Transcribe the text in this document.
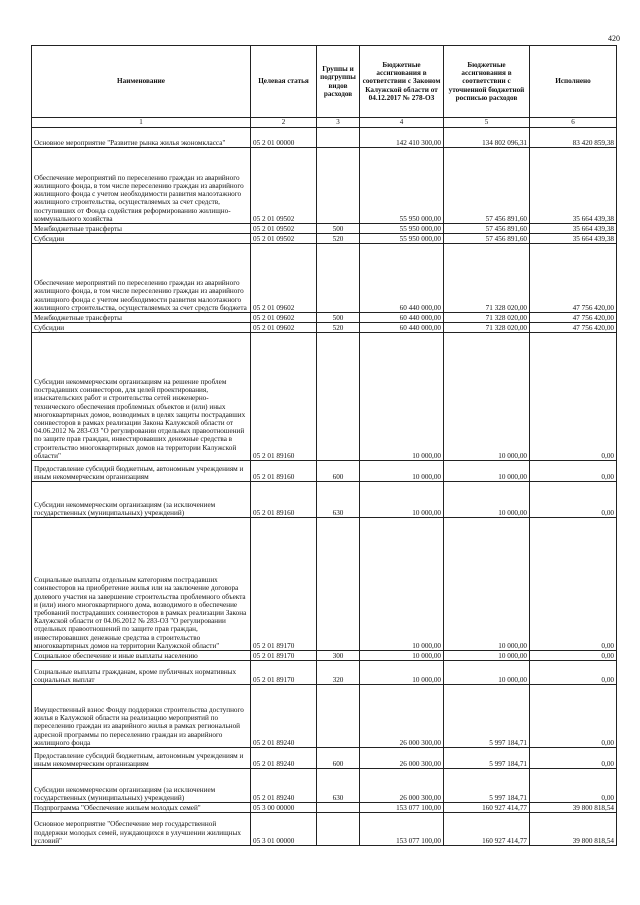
420
Наименование	Целевая статья	Группы и подгруппы видов расходов	Бюджетные ассигнования в соответствии с Законом Калужской области от 04.12.2017 № 278-ОЗ	Бюджетные ассигнования в соответствии с уточненной бюджетной росписью расходов	Исполнено
1	2	3	4	5	6
Основное мероприятие "Развитие рынка жилья экономкласса"	05 2 01 00000		142 410 300,00	134 802 096,31	83 420 859,38
Обеспечение мероприятий по переселению граждан из аварийного жилищного фонда, в том числе переселению граждан из аварийного жилищного фонда с учетом необходимости развития малоэтажного жилищного строительства, осуществляемых за счет средств, поступивших от Фонда содействия реформированию жилищно-коммунального хозяйства	05 2 01 09502		55 950 000,00	57 456 891,60	35 664 439,38
Межбюджетные трансферты	05 2 01 09502	500	55 950 000,00	57 456 891,60	35 664 439,38
Субсидии	05 2 01 09502	520	55 950 000,00	57 456 891,60	35 664 439,38
Обеспечение мероприятий по переселению граждан из аварийного жилищного фонда, в том числе переселению граждан из аварийного жилищного фонда с учетом необходимости развития малоэтажного жилищного строительства, осуществляемых за счет средств бюджета	05 2 01 09602		60 440 000,00	71 328 020,00	47 756 420,00
Межбюджетные трансферты	05 2 01 09602	500	60 440 000,00	71 328 020,00	47 756 420,00
Субсидии	05 2 01 09602	520	60 440 000,00	71 328 020,00	47 756 420,00
Субсидии некоммерческим организациям на решение проблем пострадавших соинвесторов, для целей проектирования, изыскательских работ и строительства сетей инженерно-технического обеспечения проблемных объектов и (или) иных многоквартирных домов, возводимых в целях защиты пострадавших соинвесторов в рамках реализации Закона Калужской области от 04.06.2012 № 283-ОЗ "О регулировании отдельных правоотношений по защите прав граждан, инвестировавших денежные средства в строительство многоквартирных домов на территории Калужской области"	05 2 01 89160		10 000,00	10 000,00	0,00
Предоставление субсидий бюджетным, автономным учреждениям и иным некоммерческим организациям	05 2 01 89160	600	10 000,00	10 000,00	0,00
Субсидии некоммерческим организациям (за исключением государственных (муниципальных) учреждений)	05 2 01 89160	630	10 000,00	10 000,00	0,00
Социальные выплаты отдельным категориям пострадавших соинвесторов на приобретение жилья или на заключение договора долевого участия на завершение строительства проблемного объекта и (или) иного многоквартирного дома, возводимого в обеспечение требований пострадавших соинвесторов в рамках реализации Закона Калужской области от 04.06.2012 № 283-ОЗ "О регулировании отдельных правоотношений по защите прав граждан, инвестировавших денежные средства в строительство многоквартирных домов на территории Калужской области"	05 2 01 89170		10 000,00	10 000,00	0,00
Социальное обеспечение и иные выплаты населению	05 2 01 89170	300	10 000,00	10 000,00	0,00
Социальные выплаты гражданам, кроме публичных нормативных социальных выплат	05 2 01 89170	320	10 000,00	10 000,00	0,00
Имущественный взнос Фонду поддержки строительства доступного жилья в Калужской области на реализацию мероприятий по переселению граждан из аварийного жилья в рамках региональной адресной программы по переселению граждан из аварийного жилищного фонда	05 2 01 89240		26 000 300,00	5 997 184,71	0,00
Предоставление субсидий бюджетным, автономным учреждениям и иным некоммерческим организациям	05 2 01 89240	600	26 000 300,00	5 997 184,71	0,00
Субсидии некоммерческим организациям (за исключением государственных (муниципальных) учреждений)	05 2 01 89240	630	26 000 300,00	5 997 184,71	0,00
Подпрограмма "Обеспечение жильем молодых семей"	05 3 00 00000		153 077 100,00	160 927 414,77	39 800 818,54
Основное мероприятие "Обеспечение мер государственной поддержки молодых семей, нуждающихся в улучшении жилищных условий"	05 3 01 00000		153 077 100,00	160 927 414,77	39 800 818,54
